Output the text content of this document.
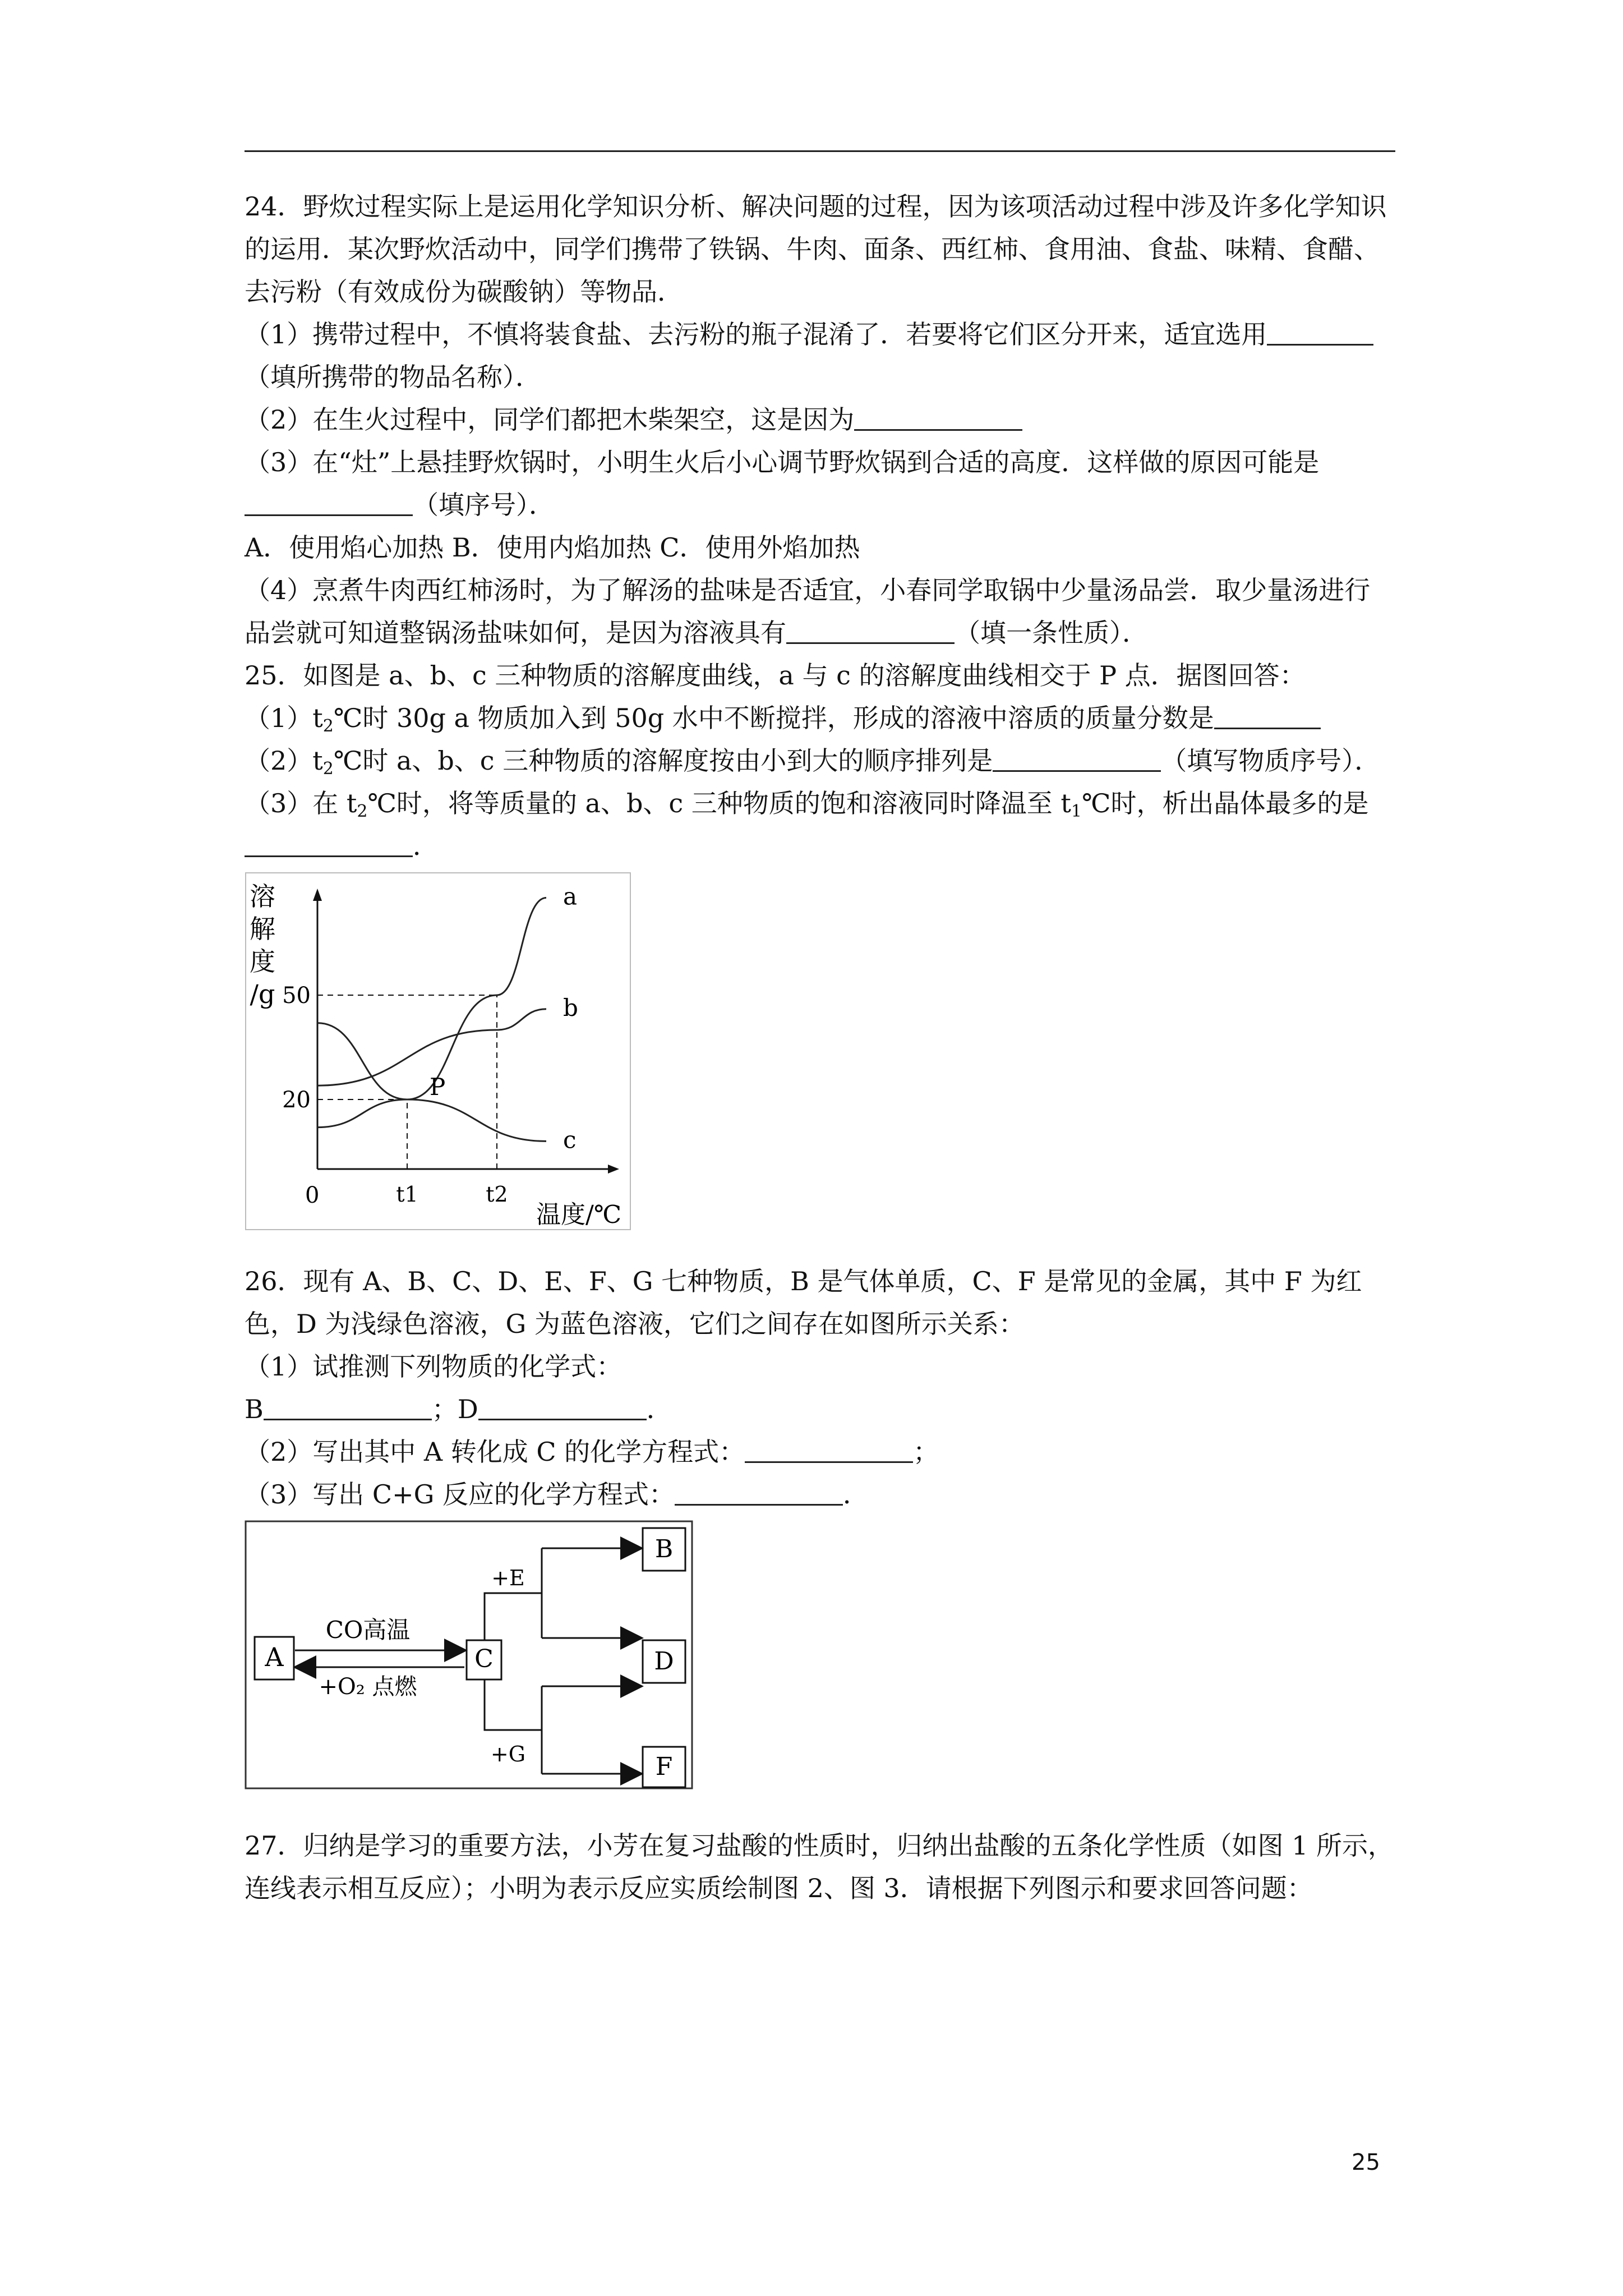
24．野炊过程实际上是运用化学知识分析、解决问题的过程，因为该项活动过程中涉及许多化学知识的运用．某次野炊活动中，同学们携带了铁锅、牛肉、面条、西红柿、食用油、食盐、味精、食醋、去污粉（有效成份为碳酸钠）等物品．

（1）携带过程中，不慎将装食盐、去污粉的瓶子混淆了．若要将它们区分开来，适宜选用（填所携带的物品名称）．

（2）在生火过程中，同学们都把木柴架空，这是因为

（3）在“灶”上悬挂野炊锅时，小明生火后小心调节野炊锅到合适的高度．这样做的原因可能是（填序号）．

A．使用焰心加热 B．使用内焰加热 C．使用外焰加热

（4）烹煮牛肉西红柿汤时，为了解汤的盐味是否适宜，小春同学取锅中少量汤品尝．取少量汤进行品尝就可知道整锅汤盐味如何，是因为溶液具有	（填一条性质）．

25．如图是 a、b、c 三种物质的溶解度曲线，a 与 c 的溶解度曲线相交于 P 点．据图回答：

$(1)t_2℃$时 30g a 物质加入到 50g 水中不断搅拌，形成的溶液中溶质的质量分数是

$(2)t_2℃$时 a、b、c 三种物质的溶解度按由小到大的顺序排列是	（填写物质序号）．

（3）在 $t_2℃$时，将等质量的 a、b、c 三种物质的饱和溶液同时降温至 $t_1℃$时，析出晶体最多的是．

溶
解
度
/g
温度/℃
0
20
50
t1	t2
a
b
c
P

26．现有 A、B、C、D、E、F、G 七种物质，B 是气体单质，C、F 是常见的金属，其中 F 为红色，D 为浅绿色溶液，G 为蓝色溶液，它们之间存在如图所示关系：

（1）试推测下列物质的化学式：

B	；D	．

（2）写出其中 A 转化成 C 的化学方程式：	；

（3）写出 C+G 反应的化学方程式：	．

A	C
CO高温
+O₂ 点燃
+E
+G
B
D
F

27．归纳是学习的重要方法，小芳在复习盐酸的性质时，归纳出盐酸的五条化学性质（如图 1 所示，连线表示相互反应）；小明为表示反应实质绘制图 2、图 3．请根据下列图示和要求回答问题：

25
